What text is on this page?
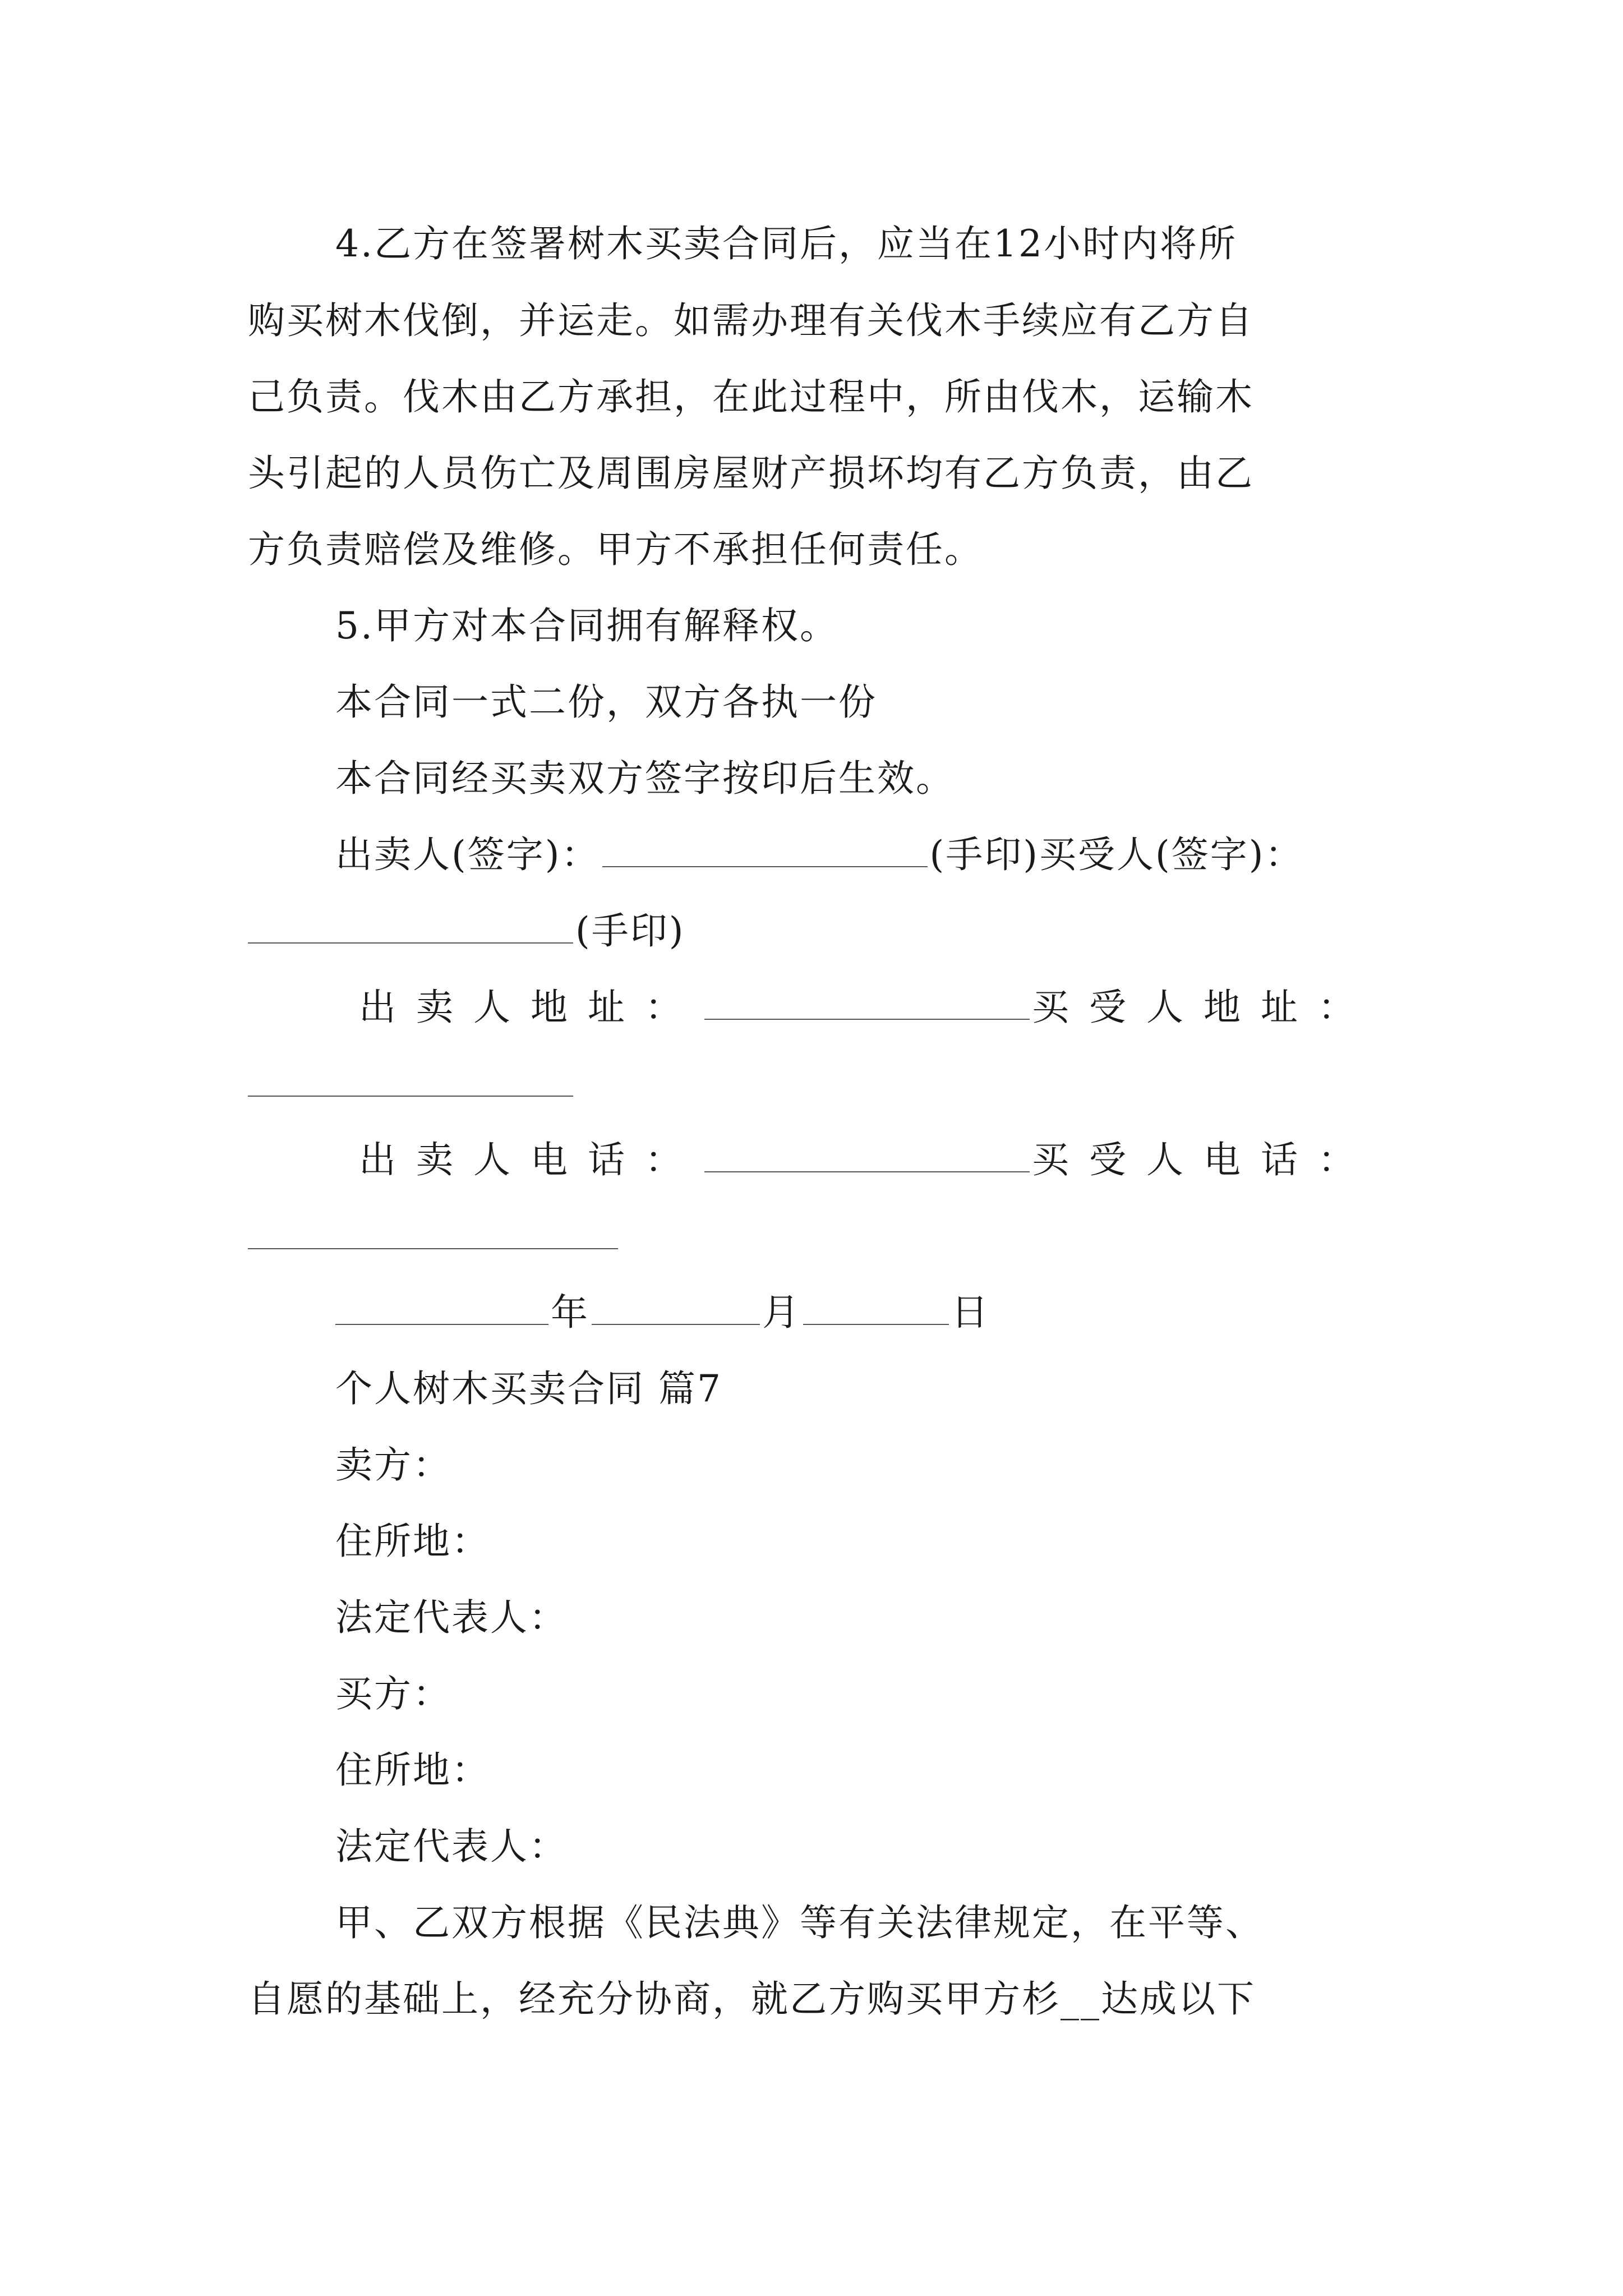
4.乙方在签署树木买卖合同后，应当在12小时内将所
购买树木伐倒，并运走。如需办理有关伐木手续应有乙方自
己负责。伐木由乙方承担，在此过程中，所由伐木，运输木
头引起的人员伤亡及周围房屋财产损坏均有乙方负责，由乙
方负责赔偿及维修。甲方不承担任何责任。
5.甲方对本合同拥有解释权。
本合同一式二份，双方各执一份
本合同经买卖双方签字按印后生效。
出卖人(签字)：	(手印)买受人(签字)：
(手印)
出卖人地址：	买受人地址：
出卖人电话：	买受人电话：
年	月	日
个人树木买卖合同 篇7
卖方：
住所地：
法定代表人：
买方：
住所地：
法定代表人：
甲、乙双方根据《民法典》等有关法律规定，在平等、
自愿的基础上，经充分协商，就乙方购买甲方杉__达成以下
